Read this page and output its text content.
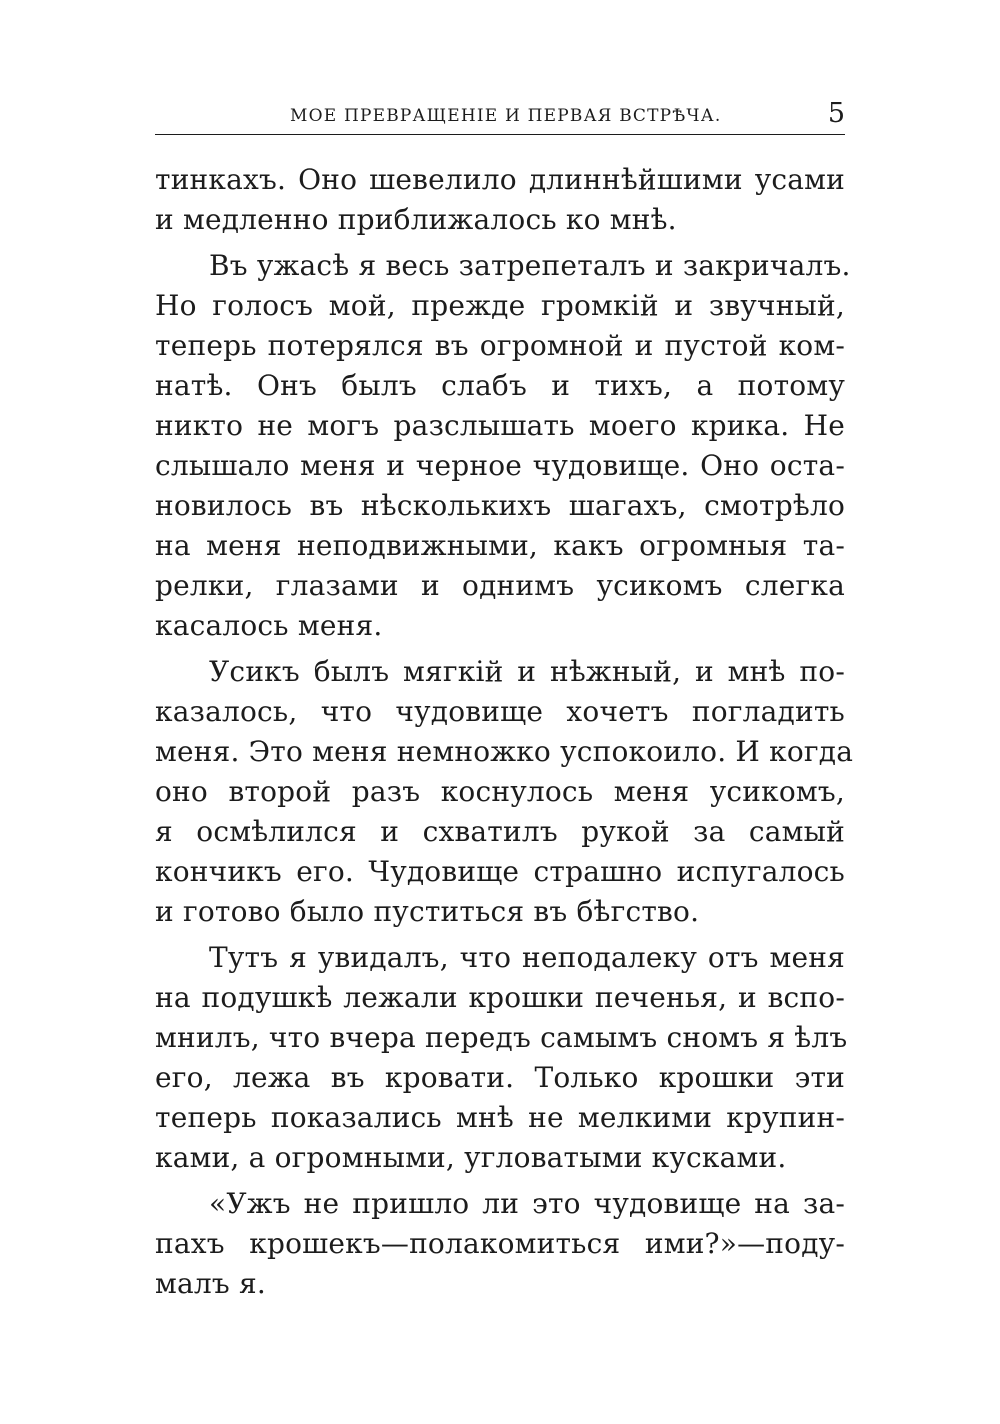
МОЕ ПРЕВРАЩЕНІЕ И ПЕРВАЯ ВСТРѢЧА.	5
тинкахъ. Оно шевелило длиннѣйшими усами
и медленно приближалось ко мнѣ.
Въ ужасѣ я весь затрепеталъ и закричалъ.
Но голосъ мой, прежде громкій и звучный,
теперь потерялся въ огромной и пустой ком-
натѣ. Онъ былъ слабъ и тихъ, а потому
никто не могъ разслышать моего крика. Не
слышало меня и черное чудовище. Оно оста-
новилось въ нѣсколькихъ шагахъ, смотрѣло
на меня неподвижными, какъ огромныя та-
релки, глазами и однимъ усикомъ слегка
касалось меня.
Усикъ былъ мягкій и нѣжный, и мнѣ по-
казалось, что чудовище хочетъ погладить
меня. Это меня немножко успокоило. И когда
оно второй разъ коснулось меня усикомъ,
я осмѣлился и схватилъ рукой за самый
кончикъ его. Чудовище страшно испугалось
и готово было пуститься въ бѣгство.
Тутъ я увидалъ, что неподалеку отъ меня
на подушкѣ лежали крошки печенья, и вспо-
мнилъ, что вчера передъ самымъ сномъ я ѣлъ
его, лежа въ кровати. Только крошки эти
теперь показались мнѣ не мелкими крупин-
ками, а огромными, угловатыми кусками.
«Ужъ не пришло ли это чудовище на за-
пахъ крошекъ—полакомиться ими?»—поду-
малъ я.
